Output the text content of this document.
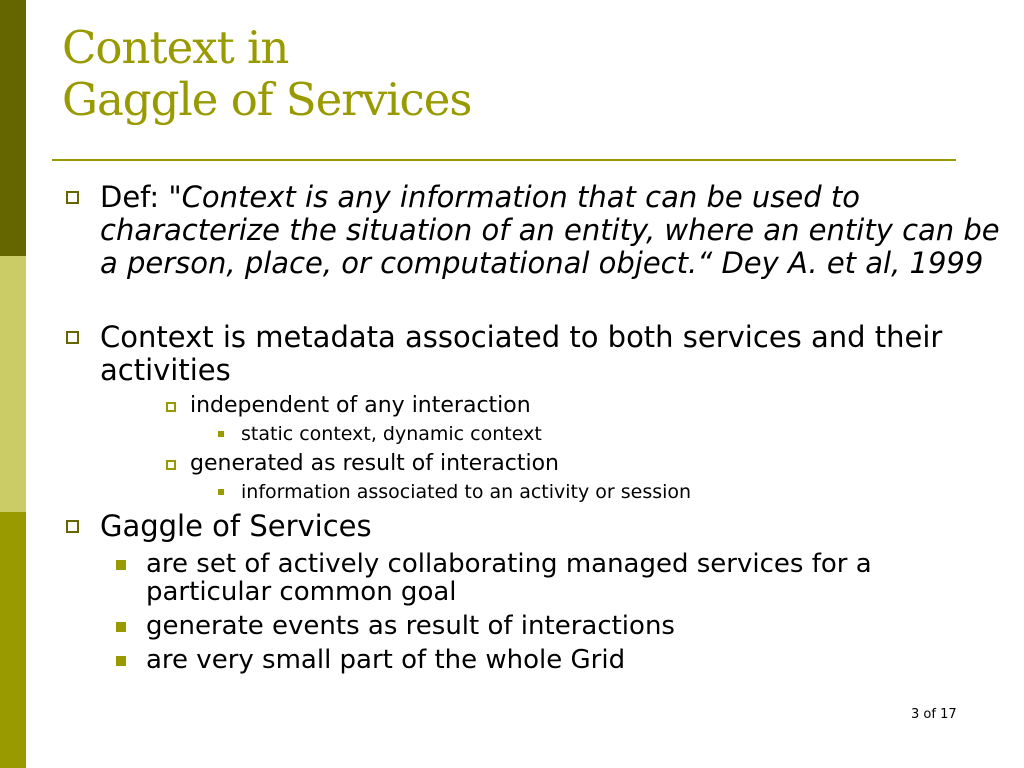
Context in
Gaggle of Services
Def: "Context is any information that can be used to characterize the situation of an entity, where an entity can be a person, place, or computational object.“ Dey A. et al, 1999
Context is metadata associated to both services and their activities
independent of any interaction
static context, dynamic context
generated as result of interaction
information associated to an activity or session
Gaggle of Services
are set of actively collaborating managed services for a particular common goal
generate events as result of interactions
are very small part of the whole Grid
3 of 17
